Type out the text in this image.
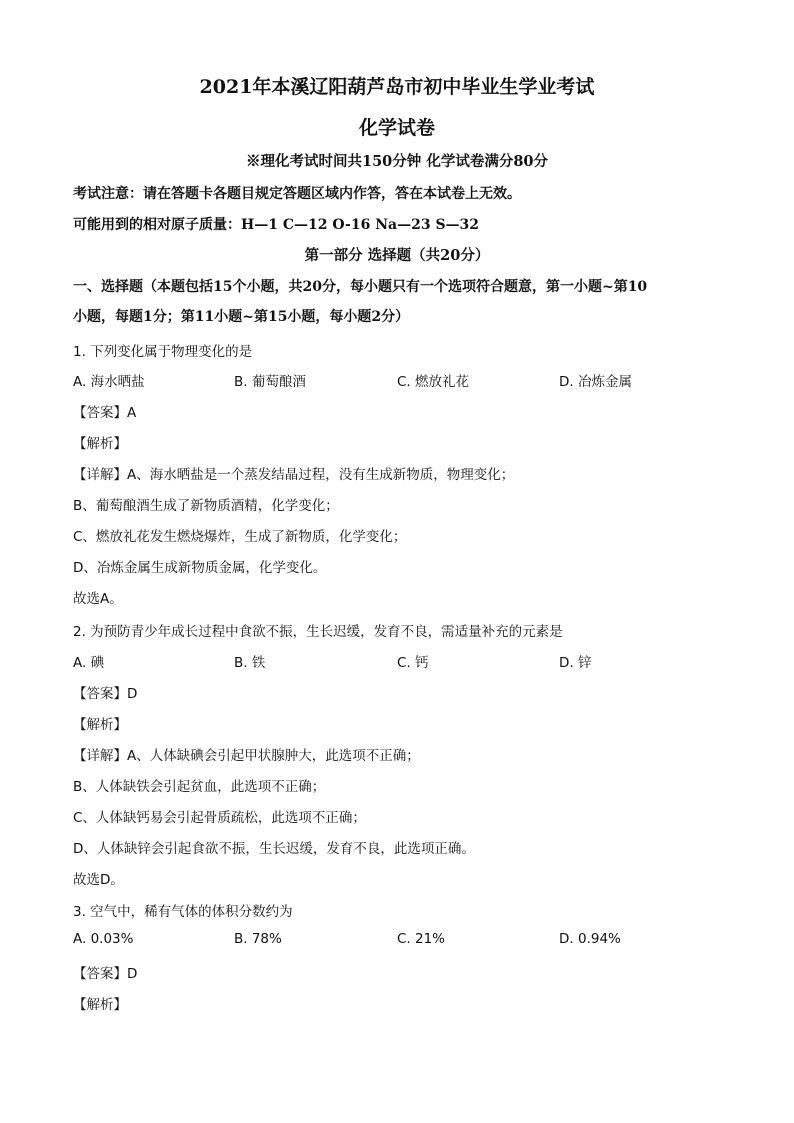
2021年本溪辽阳葫芦岛市初中毕业生学业考试
化学试卷
※理化考试时间共150分钟 化学试卷满分80分
考试注意：请在答题卡各题目规定答题区域内作答，答在本试卷上无效。
可能用到的相对原子质量：H—1 C—12 O-16 Na—23 S—32
第一部分 选择题（共20分）
一、选择题（本题包括15个小题，共20分，每小题只有一个选项符合题意，第一小题~第10
小题，每题1分；第11小题~第15小题，每小题2分）
1. 下列变化属于物理变化的是
A. 海水晒盐	B. 葡萄酿酒	C. 燃放礼花	D. 冶炼金属
【答案】A
【解析】
【详解】A、海水晒盐是一个蒸发结晶过程，没有生成新物质，物理变化；
B、葡萄酿酒生成了新物质酒精，化学变化；
C、燃放礼花发生燃烧爆炸，生成了新物质，化学变化；
D、冶炼金属生成新物质金属，化学变化。
故选A。
2. 为预防青少年成长过程中食欲不振，生长迟缓，发育不良，需适量补充的元素是
A. 碘	B. 铁	C. 钙	D. 锌
【答案】D
【解析】
【详解】A、人体缺碘会引起甲状腺肿大，此选项不正确；
B、人体缺铁会引起贫血，此选项不正确；
C、人体缺钙易会引起骨质疏松，此选项不正确；
D、人体缺锌会引起食欲不振，生长迟缓，发育不良，此选项正确。
故选D。
3. 空气中，稀有气体的体积分数约为
A. 0.03%	B. 78%	C. 21%	D. 0.94%
【答案】D
【解析】
